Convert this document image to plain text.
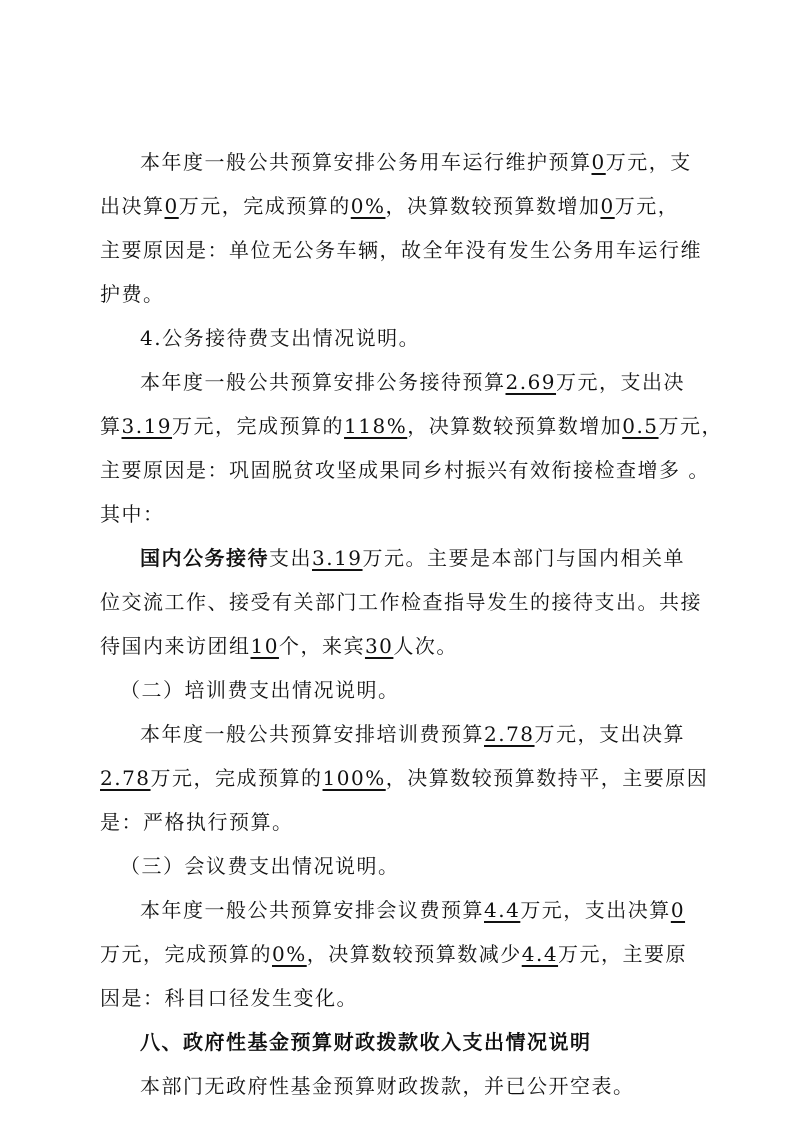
本年度一般公共预算安排公务用车运行维护预算0万元，支
出决算0万元，完成预算的0%，决算数较预算数增加0万元，
主要原因是：单位无公务车辆，故全年没有发生公务用车运行维
护费。
4.公务接待费支出情况说明。
本年度一般公共预算安排公务接待预算2.69万元，支出决
算3.19万元，完成预算的118%，决算数较预算数增加0.5万元，
主要原因是：巩固脱贫攻坚成果同乡村振兴有效衔接检查增多 。
其中：
国内公务接待支出3.19万元。主要是本部门与国内相关单
位交流工作、接受有关部门工作检查指导发生的接待支出。共接
待国内来访团组10个，来宾30人次。
（二）培训费支出情况说明。
本年度一般公共预算安排培训费预算2.78万元，支出决算
2.78万元，完成预算的100%，决算数较预算数持平，主要原因
是：严格执行预算。
（三）会议费支出情况说明。
本年度一般公共预算安排会议费预算4.4万元，支出决算0
万元，完成预算的0%，决算数较预算数减少4.4万元，主要原
因是：科目口径发生变化。
八、政府性基金预算财政拨款收入支出情况说明
本部门无政府性基金预算财政拨款，并已公开空表。
